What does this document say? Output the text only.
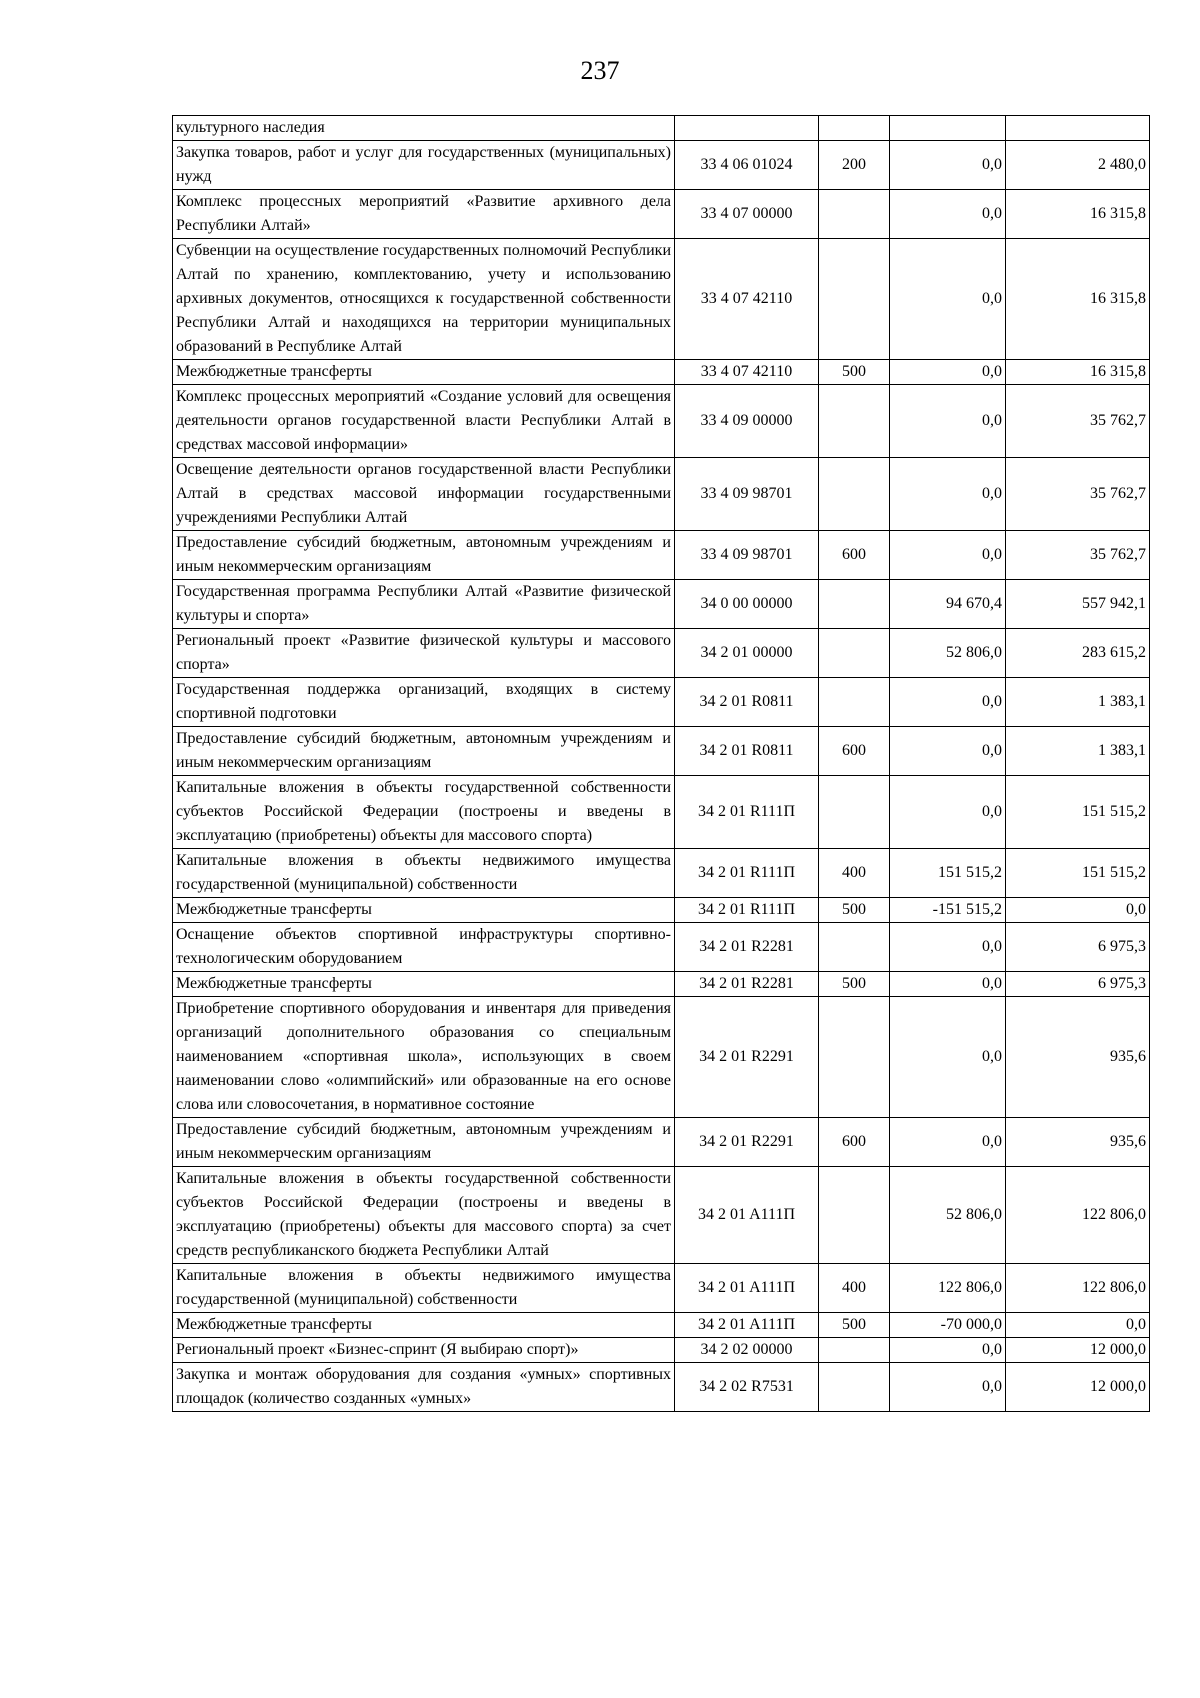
237
культурного наследия				
Закупка товаров, работ и услуг для государственных (муниципальных) нужд	33 4 06 01024	200	0,0	2 480,0
Комплекс процессных мероприятий «Развитие архивного дела Республики Алтай»	33 4 07 00000		0,0	16 315,8
Субвенции на осуществление государственных полномочий Республики Алтай по хранению, комплектованию, учету и использованию архивных документов, относящихся к государственной собственности Республики Алтай и находящихся на территории муниципальных образований в Республике Алтай	33 4 07 42110		0,0	16 315,8
Межбюджетные трансферты	33 4 07 42110	500	0,0	16 315,8
Комплекс процессных мероприятий «Создание условий для освещения деятельности органов государственной власти Республики Алтай в средствах массовой информации»	33 4 09 00000		0,0	35 762,7
Освещение деятельности органов государственной власти Республики Алтай в средствах массовой информации государственными учреждениями Республики Алтай	33 4 09 98701		0,0	35 762,7
Предоставление субсидий бюджетным, автономным учреждениям и иным некоммерческим организациям	33 4 09 98701	600	0,0	35 762,7
Государственная программа Республики Алтай «Развитие физической культуры и спорта»	34 0 00 00000		94 670,4	557 942,1
Региональный проект «Развитие физической культуры и массового спорта»	34 2 01 00000		52 806,0	283 615,2
Государственная поддержка организаций, входящих в систему спортивной подготовки	34 2 01 R0811		0,0	1 383,1
Предоставление субсидий бюджетным, автономным учреждениям и иным некоммерческим организациям	34 2 01 R0811	600	0,0	1 383,1
Капитальные вложения в объекты государственной собственности субъектов Российской Федерации (построены и введены в эксплуатацию (приобретены) объекты для массового спорта)	34 2 01 R111П		0,0	151 515,2
Капитальные вложения в объекты недвижимого имущества государственной (муниципальной) собственности	34 2 01 R111П	400	151 515,2	151 515,2
Межбюджетные трансферты	34 2 01 R111П	500	-151 515,2	0,0
Оснащение объектов спортивной инфраструктуры спортивно-технологическим оборудованием	34 2 01 R2281		0,0	6 975,3
Межбюджетные трансферты	34 2 01 R2281	500	0,0	6 975,3
Приобретение спортивного оборудования и инвентаря для приведения организаций дополнительного образования со специальным наименованием «спортивная школа», использующих в своем наименовании слово «олимпийский» или образованные на его основе слова или словосочетания, в нормативное состояние	34 2 01 R2291		0,0	935,6
Предоставление субсидий бюджетным, автономным учреждениям и иным некоммерческим организациям	34 2 01 R2291	600	0,0	935,6
Капитальные вложения в объекты государственной собственности субъектов Российской Федерации (построены и введены в эксплуатацию (приобретены) объекты для массового спорта) за счет средств республиканского бюджета Республики Алтай	34 2 01 A111П		52 806,0	122 806,0
Капитальные вложения в объекты недвижимого имущества государственной (муниципальной) собственности	34 2 01 A111П	400	122 806,0	122 806,0
Межбюджетные трансферты	34 2 01 A111П	500	-70 000,0	0,0
Региональный проект «Бизнес-спринт (Я выбираю спорт)»	34 2 02 00000		0,0	12 000,0
Закупка и монтаж оборудования для создания «умных» спортивных площадок (количество созданных «умных»	34 2 02 R7531		0,0	12 000,0
